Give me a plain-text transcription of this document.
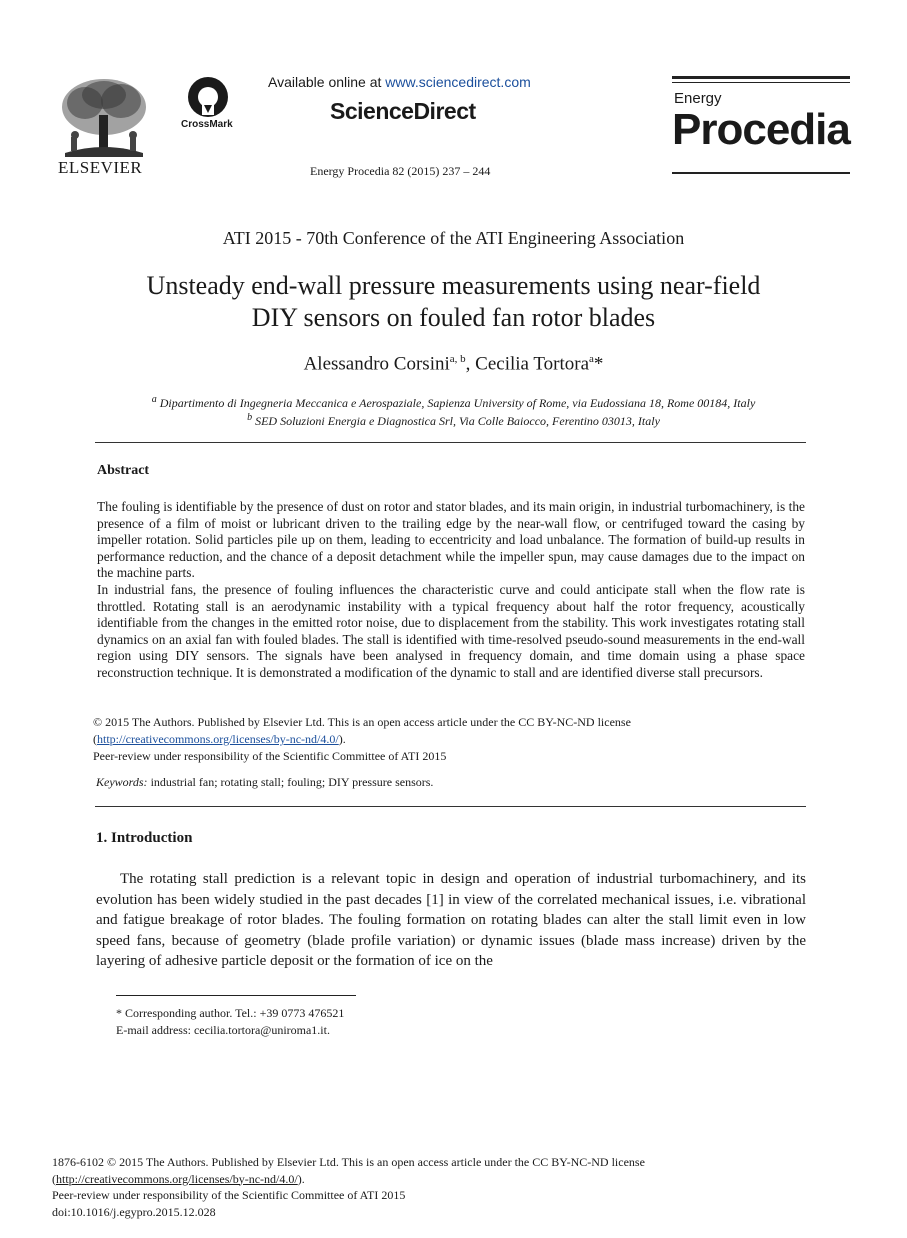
ELSEVIER
CrossMark
Available online at www.sciencedirect.com
ScienceDirect
Energy Procedia 82 (2015) 237 – 244
Energy
Procedia
ATI 2015 - 70th Conference of the ATI Engineering Association
Unsteady end-wall pressure measurements using near-field
DIY sensors on fouled fan rotor blades
Alessandro Corsini$^{a, b}$, Cecilia Tortora$^a$*
$^a$ Dipartimento di Ingegneria Meccanica e Aerospaziale, Sapienza University of Rome, via Eudossiana 18, Rome 00184, Italy
$^b$ SED Soluzioni Energia e Diagnostica Srl, Via Colle Baiocco, Ferentino 03013, Italy
Abstract

The fouling is identifiable by the presence of dust on rotor and stator blades, and its main origin, in industrial turbomachinery, is the presence of a film of moist or lubricant driven to the trailing edge by the near-wall flow, or centrifuged toward the casing by impeller rotation. Solid particles pile up on them, leading to eccentricity and load unbalance. The formation of build-up results in performance reduction, and the chance of a deposit detachment while the impeller spun, may cause damages due to the impact on the machine parts.

In industrial fans, the presence of fouling influences the characteristic curve and could anticipate stall when the flow rate is throttled. Rotating stall is an aerodynamic instability with a typical frequency about half the rotor frequency, acoustically identifiable from the changes in the emitted rotor noise, due to displacement from the stability. This work investigates rotating stall dynamics on an axial fan with fouled blades. The stall is identified with time-resolved pseudo-sound measurements in the end-wall region using DIY sensors. The signals have been analysed in frequency domain, and time domain using a phase space reconstruction technique. It is demonstrated a modification of the dynamic to stall and are identified diverse stall precursors.

© 2015 The Authors. Published by Elsevier Ltd. This is an open access article under the CC BY-NC-ND license
(http://creativecommons.org/licenses/by-nc-nd/4.0/).
Peer-review under responsibility of the Scientific Committee of ATI 2015
Keywords: industrial fan; rotating stall; fouling; DIY pressure sensors.
1. Introduction
The rotating stall prediction is a relevant topic in design and operation of industrial turbomachinery, and its evolution has been widely studied in the past decades [1] in view of the correlated mechanical issues, i.e. vibrational and fatigue breakage of rotor blades. The fouling formation on rotating blades can alter the stall limit even in low speed fans, because of geometry (blade profile variation) or dynamic issues (blade mass increase) driven by the layering of adhesive particle deposit or the formation of ice on the
* Corresponding author. Tel.: +39 0773 476521
E-mail address: cecilia.tortora@uniroma1.it.
1876-6102 © 2015 The Authors. Published by Elsevier Ltd. This is an open access article under the CC BY-NC-ND license
(http://creativecommons.org/licenses/by-nc-nd/4.0/).
Peer-review under responsibility of the Scientific Committee of ATI 2015
doi:10.1016/j.egypro.2015.12.028
